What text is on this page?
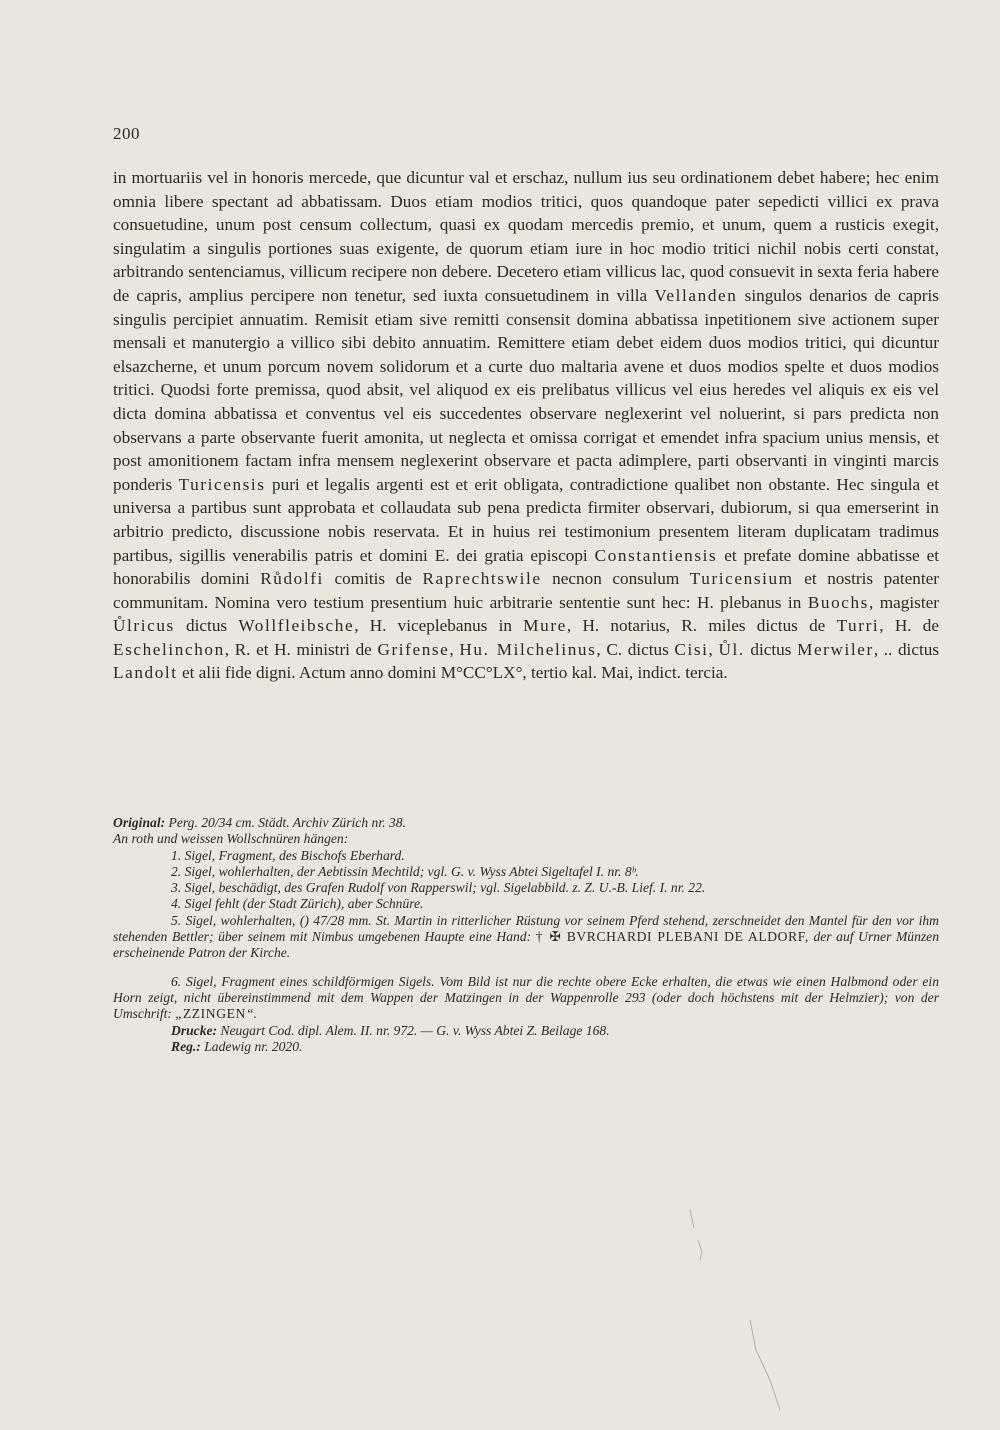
200

in mortuariis vel in honoris mercede, que dicuntur val et erschaz, nullum ius seu ordinationem debet habere; hec enim omnia libere spectant ad abbatissam. Duos etiam modios tritici, quos quandoque pater sepedicti villici ex prava consuetudine, unum post censum collectum, quasi ex quodam mercedis premio, et unum, quem a rusticis exegit, singulatim a singulis portiones suas exigente, de quorum etiam iure in hoc modio tritici nichil nobis certi constat, arbitrando sentenciamus, villicum recipere non debere. Decetero etiam villicus lac, quod consuevit in sexta feria habere de capris, amplius percipere non tenetur, sed iuxta consuetudinem in villa Vellanden singulos denarios de capris singulis percipiet annuatim. Remisit etiam sive remitti consensit domina abbatissa inpetitionem sive actionem super mensali et manutergio a villico sibi debito annuatim. Remittere etiam debet eidem duos modios tritici, qui dicuntur elsazcherne, et unum porcum novem solidorum et a curte duo maltaria avene et duos modios spelte et duos modios tritici. Quodsi forte premissa, quod absit, vel aliquod ex eis prelibatus villicus vel eius heredes vel aliquis ex eis vel dicta domina abbatissa et conventus vel eis succedentes observare neglexerint vel noluerint, si pars predicta non observans a parte observante fuerit amonita, ut neglecta et omissa corrigat et emendet infra spacium unius mensis, et post amonitionem factam infra mensem neglexerint observare et pacta adimplere, parti observanti in vinginti marcis ponderis Turicensis puri et legalis argenti est et erit obligata, contradictione qualibet non obstante. Hec singula et universa a partibus sunt approbata et collaudata sub pena predicta firmiter observari, dubiorum, si qua emerserint in arbitrio predicto, discussione nobis reservata. Et in huius rei testimonium presentem literam duplicatam tradimus partibus, sigillis venerabilis patris et domini E. dei gratia episcopi Constantiensis et prefate domine abbatisse et honorabilis domini Růdolfi comitis de Raprechtswile necnon consulum Turicensium et nostris patenter communitam. Nomina vero testium presentium huic arbitrarie sententie sunt hec: H. plebanus in Buochs, magister Ůlricus dictus Wollfleibsche, H. viceplebanus in Mure, H. notarius, R. miles dictus de Turri, H. de Eschelinchon, R. et H. ministri de Grifense, Hu. Milchelinus, C. dictus Cisi, Ůl. dictus Merwiler, .. dictus Landolt et alii fide digni. Actum anno domini M°CC°LX°, tertio kal. Mai, indict. tercia.

Original: Perg. 20/34 cm. Städt. Archiv Zürich nr. 38.
An roth und weissen Wollschnüren hängen:
1. Sigel, Fragment, des Bischofs Eberhard.
2. Sigel, wohlerhalten, der Aebtissin Mechtild; vgl. G. v. Wyss Abtei Sigeltafel I. nr. 8ᵇ.
3. Sigel, beschädigt, des Grafen Rudolf von Rapperswil; vgl. Sigelabbild. z. Z. U.-B. Lief. I. nr. 22.
4. Sigel fehlt (der Stadt Zürich), aber Schnüre.
5. Sigel, wohlerhalten, () 47/28 mm. St. Martin in ritterlicher Rüstung vor seinem Pferd stehend, zerschneidet den Mantel für den vor ihm stehenden Bettler; über seinem mit Nimbus umgebenen Haupte eine Hand: † ✠ BVRCHARDI PLEBANI DE ALDORF, der auf Urner Münzen erscheinende Patron der Kirche.
6. Sigel, Fragment eines schildförmigen Sigels. Vom Bild ist nur die rechte obere Ecke erhalten, die etwas wie einen Halbmond oder ein Horn zeigt, nicht übereinstimmend mit dem Wappen der Matzingen in der Wappenrolle 293 (oder doch höchstens mit der Helmzier); von der Umschrift: „ZZINGEN“.
Drucke: Neugart Cod. dipl. Alem. II. nr. 972. — G. v. Wyss Abtei Z. Beilage 168.
Reg.: Ladewig nr. 2020.
